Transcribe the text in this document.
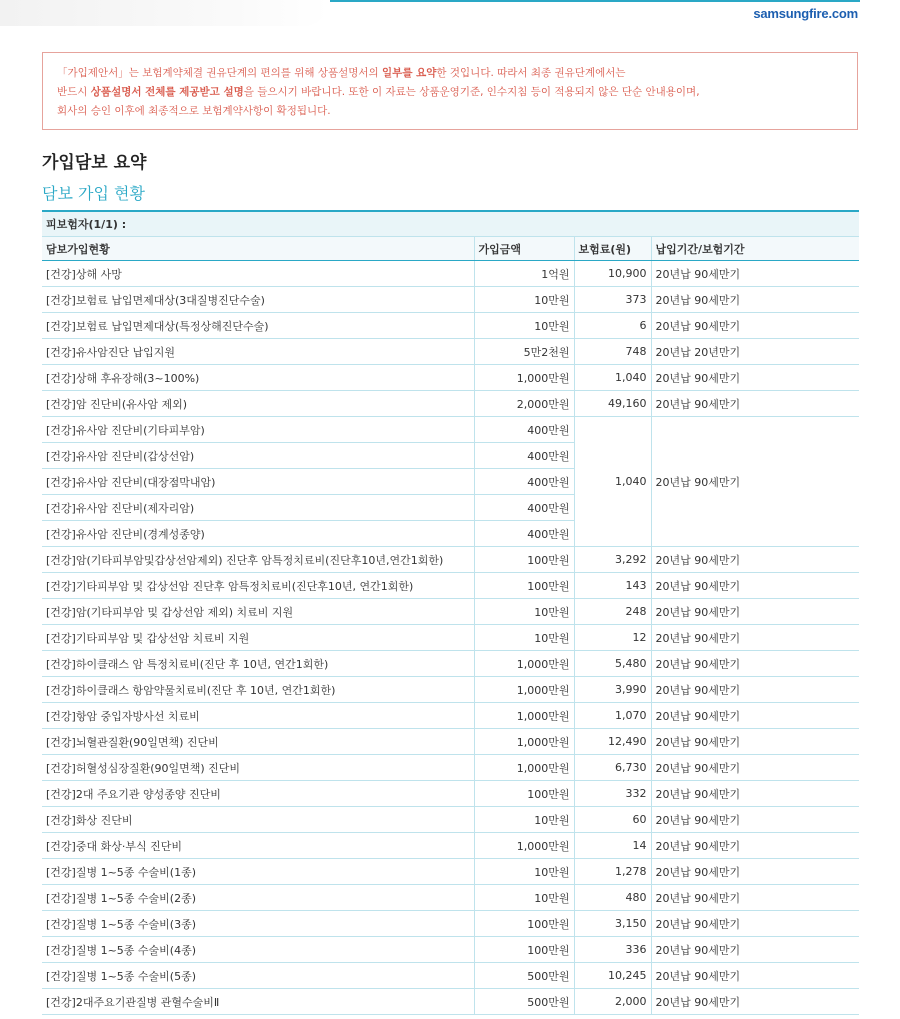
samsungfire.com
「가입제안서」는 보험계약체결 권유단계의 편의를 위해 상품설명서의 일부를 요약한 것입니다. 따라서 최종 권유단계에서는
반드시 상품설명서 전체를 제공받고 설명을 들으시기 바랍니다. 또한 이 자료는 상품운영기준, 인수지침 등이 적용되지 않은 단순 안내용이며,
회사의 승인 이후에 최종적으로 보험계약사항이 확정됩니다.
가입담보 요약
담보 가입 현황
피보험자(1/1) :			
담보가입현황	가입금액	보험료(원)	납입기간/보험기간
[건강]상해 사망	1억원	10,900	20년납 90세만기
[건강]보험료 납입면제대상(3대질병진단수술)	10만원	373	20년납 90세만기
[건강]보험료 납입면제대상(특정상해진단수술)	10만원	6	20년납 90세만기
[건강]유사암진단 납입지원	5만2천원	748	20년납 20년만기
[건강]상해 후유장해(3~100%)	1,000만원	1,040	20년납 90세만기
[건강]암 진단비(유사암 제외)	2,000만원	49,160	20년납 90세만기
[건강]유사암 진단비(기타피부암)	400만원	1,040	20년납 90세만기
[건강]유사암 진단비(갑상선암)	400만원		
[건강]유사암 진단비(대장점막내암)	400만원		
[건강]유사암 진단비(제자리암)	400만원		
[건강]유사암 진단비(경계성종양)	400만원		
[건강]암(기타피부암및갑상선암제외) 진단후 암특정치료비(진단후10년,연간1회한)	100만원	3,292	20년납 90세만기
[건강]기타피부암 및 갑상선암 진단후 암특정치료비(진단후10년, 연간1회한)	100만원	143	20년납 90세만기
[건강]암(기타피부암 및 갑상선암 제외) 치료비 지원	10만원	248	20년납 90세만기
[건강]기타피부암 및 갑상선암 치료비 지원	10만원	12	20년납 90세만기
[건강]하이클래스 암 특정치료비(진단 후 10년, 연간1회한)	1,000만원	5,480	20년납 90세만기
[건강]하이클래스 항암약물치료비(진단 후 10년, 연간1회한)	1,000만원	3,990	20년납 90세만기
[건강]항암 중입자방사선 치료비	1,000만원	1,070	20년납 90세만기
[건강]뇌혈관질환(90일면책) 진단비	1,000만원	12,490	20년납 90세만기
[건강]허혈성심장질환(90일면책) 진단비	1,000만원	6,730	20년납 90세만기
[건강]2대 주요기관 양성종양 진단비	100만원	332	20년납 90세만기
[건강]화상 진단비	10만원	60	20년납 90세만기
[건강]중대 화상·부식 진단비	1,000만원	14	20년납 90세만기
[건강]질병 1~5종 수술비(1종)	10만원	1,278	20년납 90세만기
[건강]질병 1~5종 수술비(2종)	10만원	480	20년납 90세만기
[건강]질병 1~5종 수술비(3종)	100만원	3,150	20년납 90세만기
[건강]질병 1~5종 수술비(4종)	100만원	336	20년납 90세만기
[건강]질병 1~5종 수술비(5종)	500만원	10,245	20년납 90세만기
[건강]2대주요기관질병 관혈수술비Ⅱ	500만원	2,000	20년납 90세만기
